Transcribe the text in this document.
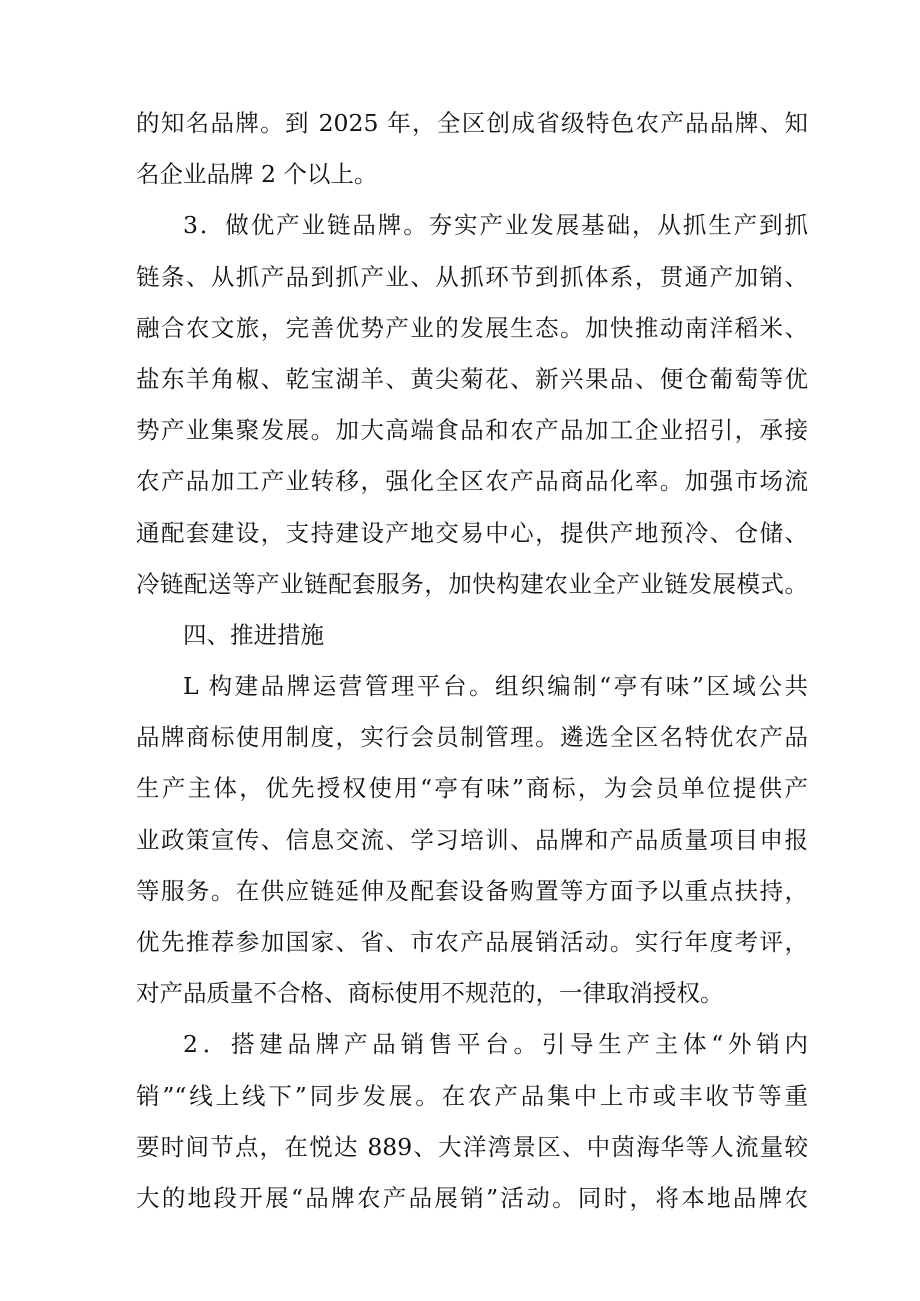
的知名品牌。到 2025 年，全区创成省级特色农产品品牌、知
名企业品牌 2 个以上。
3．做优产业链品牌。夯实产业发展基础，从抓生产到抓
链条、从抓产品到抓产业、从抓环节到抓体系，贯通产加销、
融合农文旅，完善优势产业的发展生态。加快推动南洋稻米、
盐东羊角椒、乾宝湖羊、黄尖菊花、新兴果品、便仓葡萄等优
势产业集聚发展。加大高端食品和农产品加工企业招引，承接
农产品加工产业转移，强化全区农产品商品化率。加强市场流
通配套建设，支持建设产地交易中心，提供产地预冷、仓储、
冷链配送等产业链配套服务，加快构建农业全产业链发展模式。
四、推进措施
L 构建品牌运营管理平台。组织编制“亭有味”区域公共
品牌商标使用制度，实行会员制管理。遴选全区名特优农产品
生产主体，优先授权使用“亭有味”商标，为会员单位提供产
业政策宣传、信息交流、学习培训、品牌和产品质量项目申报
等服务。在供应链延伸及配套设备购置等方面予以重点扶持，
优先推荐参加国家、省、市农产品展销活动。实行年度考评，
对产品质量不合格、商标使用不规范的，一律取消授权。
2．搭建品牌产品销售平台。引导生产主体“外销内
销”“线上线下”同步发展。在农产品集中上市或丰收节等重
要时间节点，在悦达 889、大洋湾景区、中茵海华等人流量较
大的地段开展“品牌农产品展销”活动。同时，将本地品牌农
